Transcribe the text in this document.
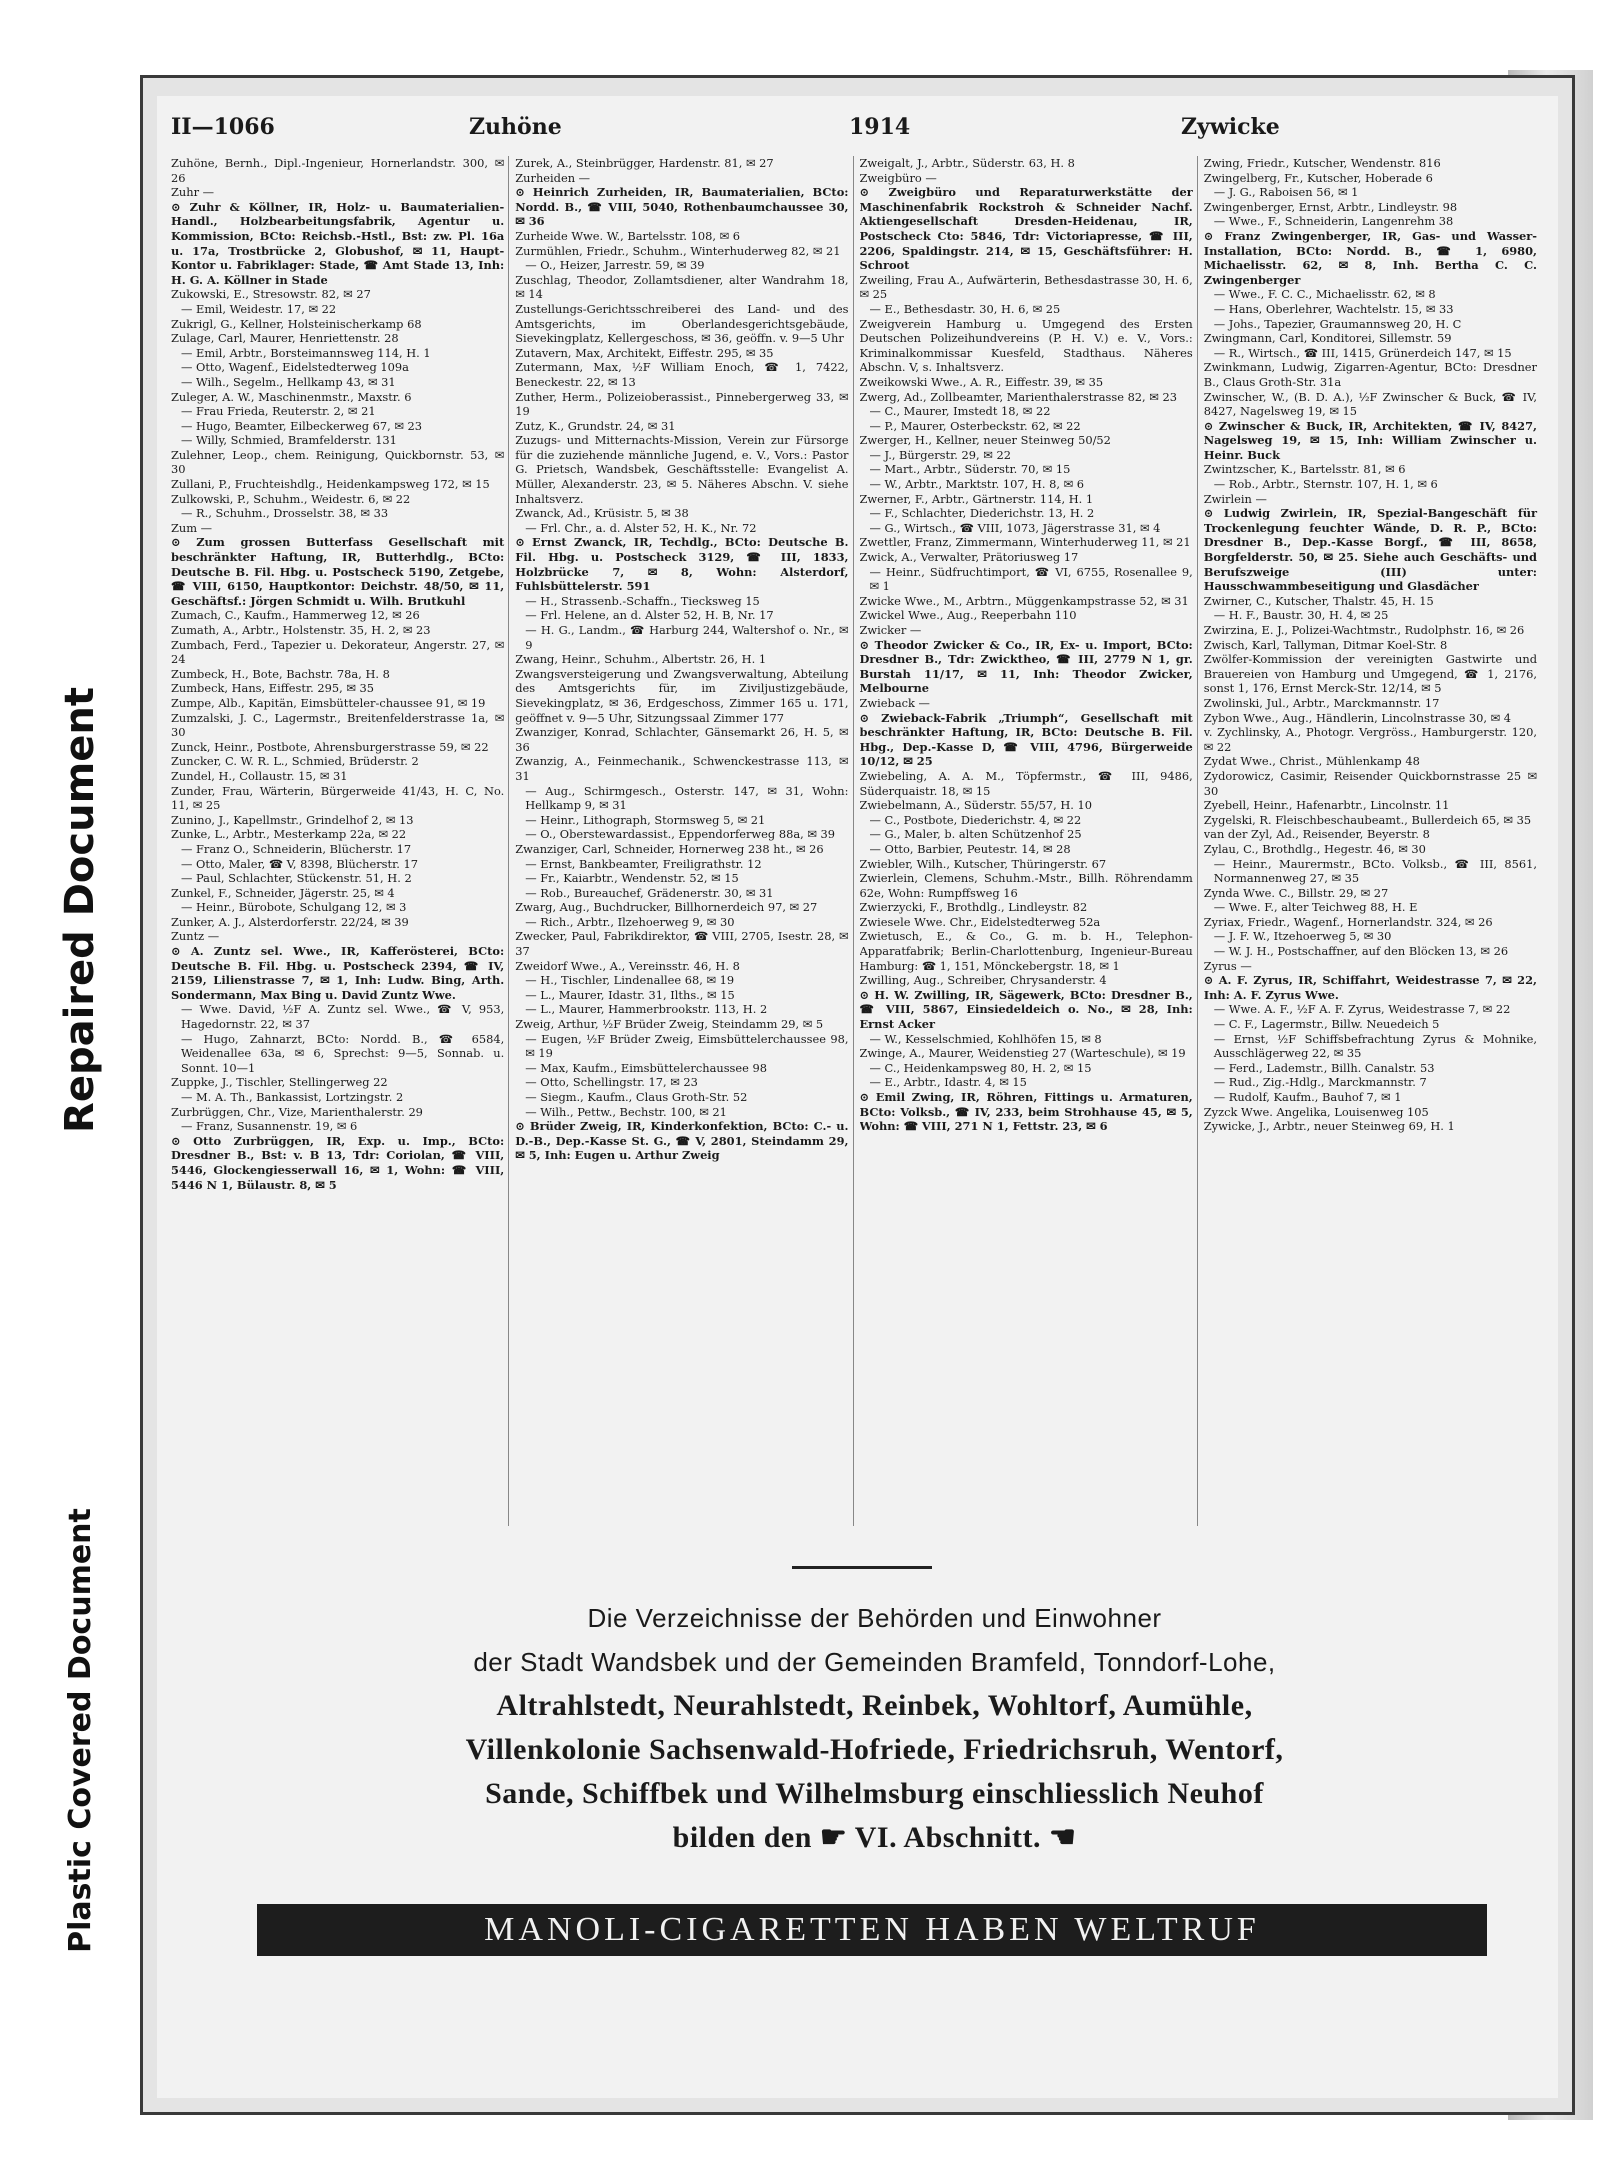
Repaired Document
Plastic Covered Document
II—1066	Zuhöne	1914	Zywicke

Zuhöne, Bernh., Dipl.-Ingenieur, Hornerlandstr. 300, ✉ 26

Zuhr —

⊙ Zuhr & Köllner, IR, Holz- u. Baumaterialien-Handl., Holzbearbeitungsfabrik, Agentur u. Kommission, BCto: Reichsb.-Hstl., Bst: zw. Pl. 16a u. 17a, Trostbrücke 2, Globushof, ✉ 11, Haupt-Kontor u. Fabriklager: Stade, ☎ Amt Stade 13, Inh: H. G. A. Köllner in Stade

Zukowski, E., Stresowstr. 82, ✉ 27

— Emil, Weidestr. 17, ✉ 22

Zukrigl, G., Kellner, Holsteinischerkamp 68

Zulage, Carl, Maurer, Henriettenstr. 28

— Emil, Arbtr., Borsteimannsweg 114, H. 1

— Otto, Wagenf., Eidelstedterweg 109a

— Wilh., Segelm., Hellkamp 43, ✉ 31

Zuleger, A. W., Maschinenmstr., Maxstr. 6

— Frau Frieda, Reuterstr. 2, ✉ 21

— Hugo, Beamter, Eilbeckerweg 67, ✉ 23

— Willy, Schmied, Bramfelderstr. 131

Zulehner, Leop., chem. Reinigung, Quickbornstr. 53, ✉ 30

Zullani, P., Fruchteishdlg., Heidenkampsweg 172, ✉ 15

Zulkowski, P., Schuhm., Weidestr. 6, ✉ 22

— R., Schuhm., Drosselstr. 38, ✉ 33

Zum —

⊙ Zum grossen Butterfass Gesellschaft mit beschränkter Haftung, IR, Butterhdlg., BCto: Deutsche B. Fil. Hbg. u. Postscheck 5190, Zetgebe, ☎ VIII, 6150, Hauptkontor: Deichstr. 48/50, ✉ 11, Geschäftsf.: Jörgen Schmidt u. Wilh. Brutkuhl

Zumach, C., Kaufm., Hammerweg 12, ✉ 26

Zumath, A., Arbtr., Holstenstr. 35, H. 2, ✉ 23

Zumbach, Ferd., Tapezier u. Dekorateur, Angerstr. 27, ✉ 24

Zumbeck, H., Bote, Bachstr. 78a, H. 8

Zumbeck, Hans, Eiffestr. 295, ✉ 35

Zumpe, Alb., Kapitän, Eimsbütteler-chaussee 91, ✉ 19

Zumzalski, J. C., Lagermstr., Breitenfelderstrasse 1a, ✉ 30

Zunck, Heinr., Postbote, Ahrensburgerstrasse 59, ✉ 22

Zuncker, C. W. R. L., Schmied, Brüderstr. 2

Zundel, H., Collaustr. 15, ✉ 31

Zunder, Frau, Wärterin, Bürgerweide 41/43, H. C, No. 11, ✉ 25

Zunino, J., Kapellmstr., Grindelhof 2, ✉ 13

Zunke, L., Arbtr., Mesterkamp 22a, ✉ 22

— Franz O., Schneiderin, Blücherstr. 17

— Otto, Maler, ☎ V, 8398, Blücherstr. 17

— Paul, Schlachter, Stückenstr. 51, H. 2

Zunkel, F., Schneider, Jägerstr. 25, ✉ 4

— Heinr., Bürobote, Schulgang 12, ✉ 3

Zunker, A. J., Alsterdorferstr. 22/24, ✉ 39

Zuntz —

⊙ A. Zuntz sel. Wwe., IR, Kafferösterei, BCto: Deutsche B. Fil. Hbg. u. Postscheck 2394, ☎ IV, 2159, Lilienstrasse 7, ✉ 1, Inh: Ludw. Bing, Arth. Sondermann, Max Bing u. David Zuntz Wwe.

— Wwe. David, ½F A. Zuntz sel. Wwe., ☎ V, 953, Hagedornstr. 22, ✉ 37

— Hugo, Zahnarzt, BCto: Nordd. B., ☎ 6584, Weidenallee 63a, ✉ 6, Sprechst: 9—5, Sonnab. u. Sonnt. 10—1

Zuppke, J., Tischler, Stellingerweg 22

— M. A. Th., Bankassist, Lortzingstr. 2

Zurbrüggen, Chr., Vize, Marienthalerstr. 29

— Franz, Susannenstr. 19, ✉ 6

⊙ Otto Zurbrüggen, IR, Exp. u. Imp., BCto: Dresdner B., Bst: v. B 13, Tdr: Coriolan, ☎ VIII, 5446, Glockengiesserwall 16, ✉ 1, Wohn: ☎ VIII, 5446 N 1, Bülaustr. 8, ✉ 5

Zurek, A., Steinbrügger, Hardenstr. 81, ✉ 27

Zurheiden —

⊙ Heinrich Zurheiden, IR, Baumaterialien, BCto: Nordd. B., ☎ VIII, 5040, Rothenbaumchaussee 30, ✉ 36

Zurheide Wwe. W., Bartelsstr. 108, ✉ 6

Zurmühlen, Friedr., Schuhm., Winterhuderweg 82, ✉ 21

— O., Heizer, Jarrestr. 59, ✉ 39

Zuschlag, Theodor, Zollamtsdiener, alter Wandrahm 18, ✉ 14

Zustellungs-Gerichtsschreiberei des Land- und des Amtsgerichts, im Oberlandesgerichtsgebäude, Sievekingplatz, Kellergeschoss, ✉ 36, geöffn. v. 9—5 Uhr

Zutavern, Max, Architekt, Eiffestr. 295, ✉ 35

Zutermann, Max, ½F William Enoch, ☎ 1, 7422, Beneckestr. 22, ✉ 13

Zuther, Herm., Polizeioberassist., Pinnebergerweg 33, ✉ 19

Zutz, K., Grundstr. 24, ✉ 31

Zuzugs- und Mitternachts-Mission, Verein zur Fürsorge für die zuziehende männliche Jugend, e. V., Vors.: Pastor G. Prietsch, Wandsbek, Geschäftsstelle: Evangelist A. Müller, Alexanderstr. 23, ✉ 5. Näheres Abschn. V. siehe Inhaltsverz.

Zwanck, Ad., Krüsistr. 5, ✉ 38

— Frl. Chr., a. d. Alster 52, H. K., Nr. 72

⊙ Ernst Zwanck, IR, Techdlg., BCto: Deutsche B. Fil. Hbg. u. Postscheck 3129, ☎ III, 1833, Holzbrücke 7, ✉ 8, Wohn: Alsterdorf, Fuhlsbüttelerstr. 591

— H., Strassenb.-Schaffn., Tiecksweg 15

— Frl. Helene, an d. Alster 52, H. B, Nr. 17

— H. G., Landm., ☎ Harburg 244, Waltershof o. Nr., ✉ 9

Zwang, Heinr., Schuhm., Albertstr. 26, H. 1

Zwangsversteigerung und Zwangsverwaltung, Abteilung des Amtsgerichts für, im Ziviljustizgebäude, Sievekingplatz, ✉ 36, Erdgeschoss, Zimmer 165 u. 171, geöffnet v. 9—5 Uhr, Sitzungssaal Zimmer 177

Zwanziger, Konrad, Schlachter, Gänsemarkt 26, H. 5, ✉ 36

Zwanzig, A., Feinmechanik., Schwenckestrasse 113, ✉ 31

— Aug., Schirmgesch., Osterstr. 147, ✉ 31, Wohn: Hellkamp 9, ✉ 31

— Heinr., Lithograph, Stormsweg 5, ✉ 21

— O., Oberstewardassist., Eppendorferweg 88a, ✉ 39

Zwanziger, Carl, Schneider, Hornerweg 238 ht., ✉ 26

— Ernst, Bankbeamter, Freiligrathstr. 12

— Fr., Kaiarbtr., Wendenstr. 52, ✉ 15

— Rob., Bureauchef, Grädenerstr. 30, ✉ 31

Zwarg, Aug., Buchdrucker, Billhornerdeich 97, ✉ 27

— Rich., Arbtr., Ilzehoerweg 9, ✉ 30

Zwecker, Paul, Fabrikdirektor, ☎ VIII, 2705, Isestr. 28, ✉ 37

Zweidorf Wwe., A., Vereinsstr. 46, H. 8

— H., Tischler, Lindenallee 68, ✉ 19

— L., Maurer, Idastr. 31, Ilths., ✉ 15

— L., Maurer, Hammerbrookstr. 113, H. 2

Zweig, Arthur, ½F Brüder Zweig, Steindamm 29, ✉ 5

— Eugen, ½F Brüder Zweig, Eimsbüttelerchaussee 98, ✉ 19

— Max, Kaufm., Eimsbüttelerchaussee 98

— Otto, Schellingstr. 17, ✉ 23

— Siegm., Kaufm., Claus Groth-Str. 52

— Wilh., Pettw., Bechstr. 100, ✉ 21

⊙ Brüder Zweig, IR, Kinderkonfektion, BCto: C.- u. D.-B., Dep.-Kasse St. G., ☎ V, 2801, Steindamm 29, ✉ 5, Inh: Eugen u. Arthur Zweig

Zweigalt, J., Arbtr., Süderstr. 63, H. 8

Zweigbüro —

⊙ Zweigbüro und Reparaturwerkstätte der Maschinenfabrik Rockstroh & Schneider Nachf. Aktiengesellschaft Dresden-Heidenau, IR, Postscheck Cto: 5846, Tdr: Victoriapresse, ☎ III, 2206, Spaldingstr. 214, ✉ 15, Geschäftsführer: H. Schroot

Zweiling, Frau A., Aufwärterin, Bethesdastrasse 30, H. 6, ✉ 25

— E., Bethesdastr. 30, H. 6, ✉ 25

Zweigverein Hamburg u. Umgegend des Ersten Deutschen Polizeihundvereins (P. H. V.) e. V., Vors.: Kriminalkommissar Kuesfeld, Stadthaus. Näheres Abschn. V, s. Inhaltsverz.

Zweikowski Wwe., A. R., Eiffestr. 39, ✉ 35

Zwerg, Ad., Zollbeamter, Marienthalerstrasse 82, ✉ 23

— C., Maurer, Imstedt 18, ✉ 22

— P., Maurer, Osterbeckstr. 62, ✉ 22

Zwerger, H., Kellner, neuer Steinweg 50/52

— J., Bürgerstr. 29, ✉ 22

— Mart., Arbtr., Süderstr. 70, ✉ 15

— W., Arbtr., Marktstr. 107, H. 8, ✉ 6

Zwerner, F., Arbtr., Gärtnerstr. 114, H. 1

— F., Schlachter, Diederichstr. 13, H. 2

— G., Wirtsch., ☎ VIII, 1073, Jägerstrasse 31, ✉ 4

Zwettler, Franz, Zimmermann, Winterhuderweg 11, ✉ 21

Zwick, A., Verwalter, Prätoriusweg 17

— Heinr., Südfruchtimport, ☎ VI, 6755, Rosenallee 9, ✉ 1

Zwicke Wwe., M., Arbtrn., Müggenkampstrasse 52, ✉ 31

Zwickel Wwe., Aug., Reeperbahn 110

Zwicker —

⊙ Theodor Zwicker & Co., IR, Ex- u. Import, BCto: Dresdner B., Tdr: Zwicktheo, ☎ III, 2779 N 1, gr. Burstah 11/17, ✉ 11, Inh: Theodor Zwicker, Melbourne

Zwieback —

⊙ Zwieback-Fabrik „Triumph“, Gesellschaft mit beschränkter Haftung, IR, BCto: Deutsche B. Fil. Hbg., Dep.-Kasse D, ☎ VIII, 4796, Bürgerweide 10/12, ✉ 25

Zwiebeling, A. A. M., Töpfermstr., ☎ III, 9486, Süderquaistr. 18, ✉ 15

Zwiebelmann, A., Süderstr. 55/57, H. 10

— C., Postbote, Diederichstr. 4, ✉ 22

— G., Maler, b. alten Schützenhof 25

— Otto, Barbier, Peutestr. 14, ✉ 28

Zwiebler, Wilh., Kutscher, Thüringerstr. 67

Zwierlein, Clemens, Schuhm.-Mstr., Billh. Röhrendamm 62e, Wohn: Rumpffsweg 16

Zwierzycki, F., Brothdlg., Lindleystr. 82

Zwiesele Wwe. Chr., Eidelstedterweg 52a

Zwietusch, E., & Co., G. m. b. H., Telephon-Apparatfabrik; Berlin-Charlottenburg, Ingenieur-Bureau Hamburg: ☎ 1, 151, Mönckebergstr. 18, ✉ 1

Zwilling, Aug., Schreiber, Chrysanderstr. 4

⊙ H. W. Zwilling, IR, Sägewerk, BCto: Dresdner B., ☎ VIII, 5867, Einsiedeldeich o. No., ✉ 28, Inh: Ernst Acker

— W., Kesselschmied, Kohlhöfen 15, ✉ 8

Zwinge, A., Maurer, Weidenstieg 27 (Warteschule), ✉ 19

— C., Heidenkampsweg 80, H. 2, ✉ 15

— E., Arbtr., Idastr. 4, ✉ 15

⊙ Emil Zwing, IR, Röhren, Fittings u. Armaturen, BCto: Volksb., ☎ IV, 233, beim Strohhause 45, ✉ 5, Wohn: ☎ VIII, 271 N 1, Fettstr. 23, ✉ 6

Zwing, Friedr., Kutscher, Wendenstr. 816

Zwingelberg, Fr., Kutscher, Hoberade 6

— J. G., Raboisen 56, ✉ 1

Zwingenberger, Ernst, Arbtr., Lindleystr. 98

— Wwe., F., Schneiderin, Langenrehm 38

⊙ Franz Zwingenberger, IR, Gas- und Wasser-Installation, BCto: Nordd. B., ☎ 1, 6980, Michaelisstr. 62, ✉ 8, Inh. Bertha C. C. Zwingenberger

— Wwe., F. C. C., Michaelisstr. 62, ✉ 8

— Hans, Oberlehrer, Wachtelstr. 15, ✉ 33

— Johs., Tapezier, Graumannsweg 20, H. C

Zwingmann, Carl, Konditorei, Sillemstr. 59

— R., Wirtsch., ☎ III, 1415, Grünerdeich 147, ✉ 15

Zwinkmann, Ludwig, Zigarren-Agentur, BCto: Dresdner B., Claus Groth-Str. 31a

Zwinscher, W., (B. D. A.), ½F Zwinscher & Buck, ☎ IV, 8427, Nagelsweg 19, ✉ 15

⊙ Zwinscher & Buck, IR, Architekten, ☎ IV, 8427, Nagelsweg 19, ✉ 15, Inh: William Zwinscher u. Heinr. Buck

Zwintzscher, K., Bartelsstr. 81, ✉ 6

— Rob., Arbtr., Sternstr. 107, H. 1, ✉ 6

Zwirlein —

⊙ Ludwig Zwirlein, IR, Spezial-Bangeschäft für Trockenlegung feuchter Wände, D. R. P., BCto: Dresdner B., Dep.-Kasse Borgf., ☎ III, 8658, Borgfelderstr. 50, ✉ 25. Siehe auch Geschäfts- und Berufszweige (III) unter: Hausschwammbeseitigung und Glasdächer

Zwirner, C., Kutscher, Thalstr. 45, H. 15

— H. F., Baustr. 30, H. 4, ✉ 25

Zwirzina, E. J., Polizei-Wachtmstr., Rudolphstr. 16, ✉ 26

Zwisch, Karl, Tallyman, Ditmar Koel-Str. 8

Zwölfer-Kommission der vereinigten Gastwirte und Brauereien von Hamburg und Umgegend, ☎ 1, 2176, sonst 1, 176, Ernst Merck-Str. 12/14, ✉ 5

Zwolinski, Jul., Arbtr., Marckmannstr. 17

Zybon Wwe., Aug., Händlerin, Lincolnstrasse 30, ✉ 4

v. Zychlinsky, A., Photogr. Vergröss., Hamburgerstr. 120, ✉ 22

Zydat Wwe., Christ., Mühlenkamp 48

Zydorowicz, Casimir, Reisender Quickbornstrasse 25 ✉ 30

Zyebell, Heinr., Hafenarbtr., Lincolnstr. 11

Zygelski, R. Fleischbeschaubeamt., Bullerdeich 65, ✉ 35

van der Zyl, Ad., Reisender, Beyerstr. 8

Zylau, C., Brothdlg., Hegestr. 46, ✉ 30

— Heinr., Maurermstr., BCto. Volksb., ☎ III, 8561, Normannenweg 27, ✉ 35

Zynda Wwe. C., Billstr. 29, ✉ 27

— Wwe. F., alter Teichweg 88, H. E

Zyriax, Friedr., Wagenf., Hornerlandstr. 324, ✉ 26

— J. F. W., Itzehoerweg 5, ✉ 30

— W. J. H., Postschaffner, auf den Blöcken 13, ✉ 26

Zyrus —

⊙ A. F. Zyrus, IR, Schiffahrt, Weidestrasse 7, ✉ 22, Inh: A. F. Zyrus Wwe.

— Wwe. A. F., ½F A. F. Zyrus, Weidestrasse 7, ✉ 22

— C. F., Lagermstr., Billw. Neuedeich 5

— Ernst, ½F Schiffsbefrachtung Zyrus & Mohnike, Ausschlägerweg 22, ✉ 35

— Ferd., Lademstr., Billh. Canalstr. 53

— Rud., Zig.-Hdlg., Marckmannstr. 7

— Rudolf, Kaufm., Bauhof 7, ✉ 1

Zyzck Wwe. Angelika, Louisenweg 105

Zywicke, J., Arbtr., neuer Steinweg 69, H. 1

Die Verzeichnisse der Behörden und Einwohner
der Stadt Wandsbek und der Gemeinden Bramfeld, Tonndorf-Lohe,
Altrahlstedt, Neurahlstedt, Reinbek, Wohltorf, Aumühle,
Villenkolonie Sachsenwald-Hofriede, Friedrichsruh, Wentorf,
Sande, Schiffbek und Wilhelmsburg einschliesslich Neuhof
bilden den ☛ VI. Abschnitt. ☚
MANOLI-CIGARETTEN HABEN WELTRUF
